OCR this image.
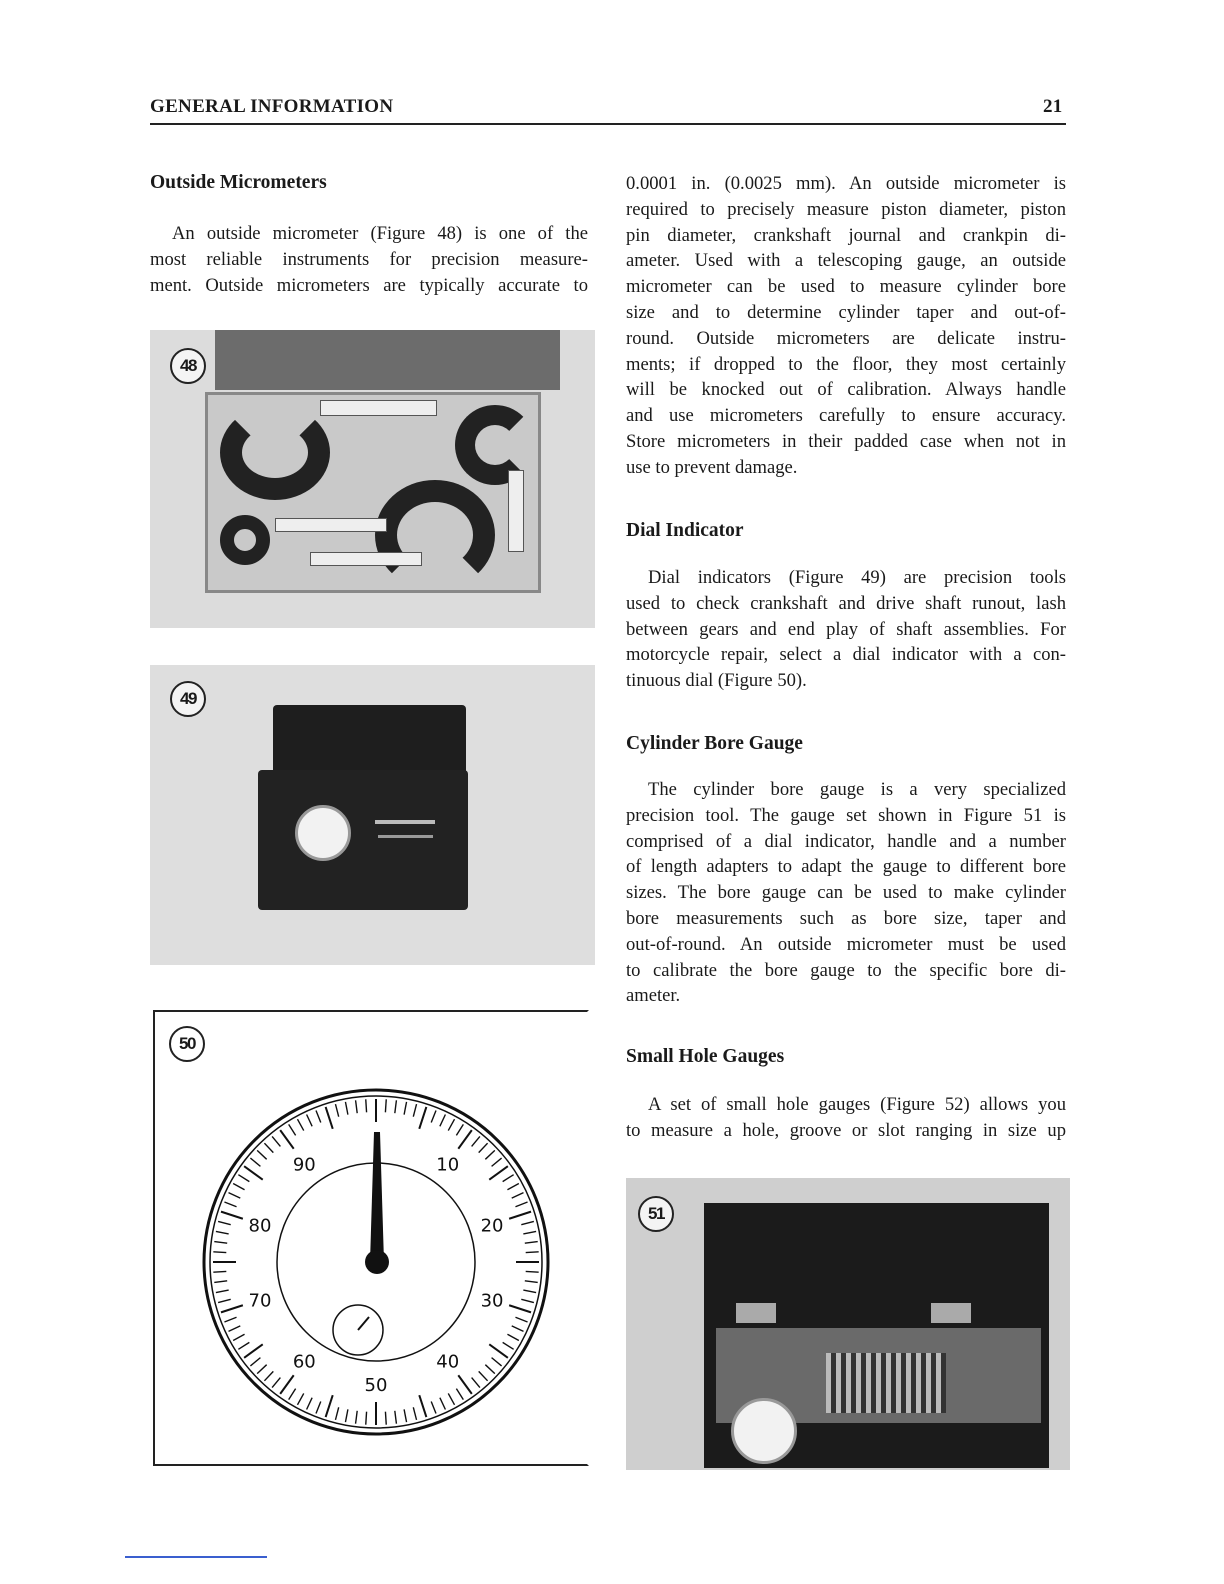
GENERAL INFORMATION	21
Outside Micrometers
An outside micrometer (Figure 48) is one of the
most reliable instruments for precision measure-
ment. Outside micrometers are typically accurate to
48
49
50
10
20
30
40
50
60
70
80
90
0.0001 in. (0.0025 mm). An outside micrometer is
required to precisely measure piston diameter, piston
pin diameter, crankshaft journal and crankpin di-
ameter. Used with a telescoping gauge, an outside
micrometer can be used to measure cylinder bore
size and to determine cylinder taper and out-of-
round. Outside micrometers are delicate instru-
ments; if dropped to the floor, they most certainly
will be knocked out of calibration. Always handle
and use micrometers carefully to ensure accuracy.
Store micrometers in their padded case when not in
use to prevent damage.
Dial Indicator
Dial indicators (Figure 49) are precision tools
used to check crankshaft and drive shaft runout, lash
between gears and end play of shaft assemblies. For
motorcycle repair, select a dial indicator with a con-
tinuous dial (Figure 50).
Cylinder Bore Gauge
The cylinder bore gauge is a very specialized
precision tool. The gauge set shown in Figure 51 is
comprised of a dial indicator, handle and a number
of length adapters to adapt the gauge to different bore
sizes. The bore gauge can be used to make cylinder
bore measurements such as bore size, taper and
out-of-round. An outside micrometer must be used
to calibrate the bore gauge to the specific bore di-
ameter.
Small Hole Gauges
A set of small hole gauges (Figure 52) allows you
to measure a hole, groove or slot ranging in size up
51
